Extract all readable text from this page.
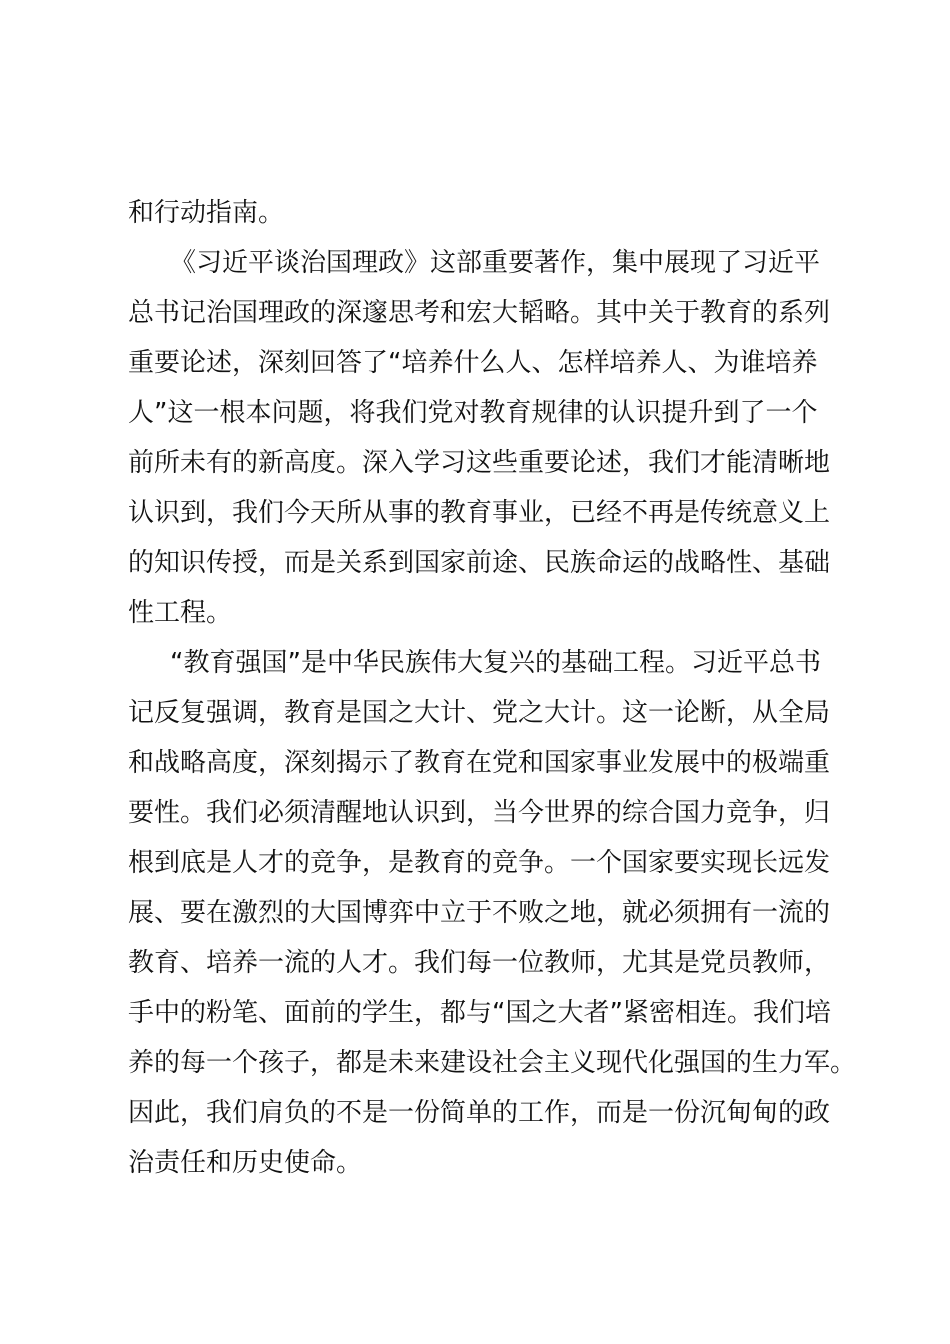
和行动指南。
《习近平谈治国理政》这部重要著作，集中展现了习近平
总书记治国理政的深邃思考和宏大韬略。其中关于教育的系列
重要论述，深刻回答了“培养什么人、怎样培养人、为谁培养
人”这一根本问题，将我们党对教育规律的认识提升到了一个
前所未有的新高度。深入学习这些重要论述，我们才能清晰地
认识到，我们今天所从事的教育事业，已经不再是传统意义上
的知识传授，而是关系到国家前途、民族命运的战略性、基础
性工程。
“教育强国”是中华民族伟大复兴的基础工程。习近平总书
记反复强调，教育是国之大计、党之大计。这一论断，从全局
和战略高度，深刻揭示了教育在党和国家事业发展中的极端重
要性。我们必须清醒地认识到，当今世界的综合国力竞争，归
根到底是人才的竞争，是教育的竞争。一个国家要实现长远发
展、要在激烈的大国博弈中立于不败之地，就必须拥有一流的
教育、培养一流的人才。我们每一位教师，尤其是党员教师，
手中的粉笔、面前的学生，都与“国之大者”紧密相连。我们培
养的每一个孩子，都是未来建设社会主义现代化强国的生力军。
因此，我们肩负的不是一份简单的工作，而是一份沉甸甸的政
治责任和历史使命。
